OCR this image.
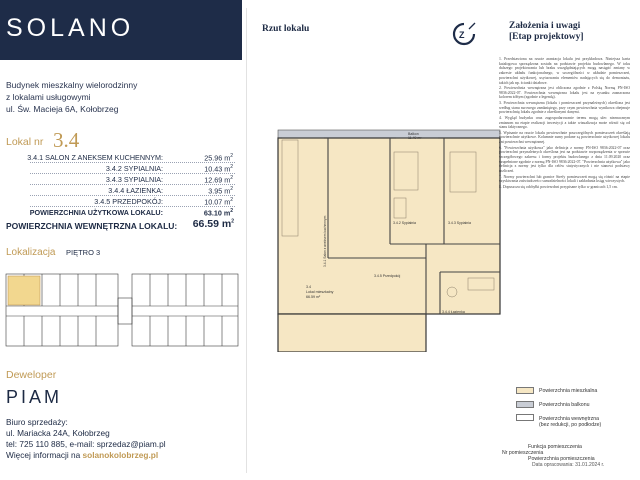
SOLANO
Budynek mieszkalny wielorodzinny
z lokalami usługowymi
ul. Św. Macieja 6A, Kołobrzeg
Lokal nr 3.4
3.4.1 SALON Z ANEKSEM KUCHENNYM:	25.96 $m^2$
3.4.2 SYPIALNIA:	10.43 $m^2$
3.4.3 SYPIALNIA:	12.69 $m^2$
3.4.4 ŁAZIENKA:	3.95 $m^2$
3.4.5 PRZEDPOKÓJ:	10.07 $m^2$
POWIERZCHNIA UŻYTKOWA LOKALU:	63.10 $m^2$
POWIERZCHNIA WEWNĘTRZNA LOKALU: 66.59 $m^2$
Lokalizacja PIĘTRO 3
Deweloper
PIAM
Biuro sprzedaży:
ul. Mariacka 24A, Kołobrzeg
tel: 725 110 885, e-mail: sprzedaz@piam.pl
Więcej informacji na solanokolobrzeg.pl
Rzut lokalu
Z
Balkon
11.49 m²
3.4.2 Sypialnia	3.4.3 Sypialnia
3.4
Lokal mieszkalny
66.59 m²
3.4.5 Przedpokój
3.4.4 Łazienka
3.4.1 Salon z aneksem kuchennym
Powierzchnia mieszkalna
Powierzchnia balkonu
Powierzchnia wewnętrzna
(bez redukcji, po podłodze)
Nr pomieszczenia
Funkcja pomieszczenia
Powierzchnia pomieszczenia
Założenia i uwagi
[Etap projektowy]

1. Przedstawiona na rzucie aranżacja lokalu jest przykładowa. Niniejsza karta katalogowa sporządzona została na podstawie projektu budowlanego. W toku dalszego projektowania lub braku uwzględniających mogą nastąpić zmiany w zakresie układu funkcjonalnego, w szczególności w układzie pomieszczeń, powierzchni użytkowej, usytuowaniu elementów nadających się do demontażu, takich jak np. ścianki działowe.

2. Powierzchnia wewnętrzna jest obliczona zgodnie z Polską Normą PN-ISO 9836:2022-07. Powierzchnia wewnętrzna lokalu jest na rysunku zaznaczona kolorem żółtym (zgodnie z legendą).

3. Powierzchnia wewnętrzna (lokalu i pomieszczeń przynależnych) określona jest według stanu surowego zamkniętego, przy czym powierzchnia wynikowa obejmuje powierzchnię lokalu zgodnie z określonymi danymi.

4. Wygląd budynku oraz zagospodarowanie terenu mogą ulec nieznacznym zmianom na etapie realizacji inwestycji a także wizualizacja może różnić się od stanu faktycznego.

5. Wpisanie na rzucie lokalu powierzchnie poszczególnych pomieszczeń określają powierzchnie użytkowe. Kolumnie sumy podane są powierzchnie użytkowej lokalu ani powierzchni wewnętrznej.

6. "Powierzchnia użytkowa" jako definicja z normy PN-ISO 9836:2022-07 oraz powierzchni przynależnych określona jest na podstawie rozporządzenia w sprawie szczegółowego zakresu i formy projektu budowlanego z dnia 11.09.2020 oraz uzupełnione zgodnie z normą PN-ISO 9836:2022-07. "Powierzchnia użytkowa" jako definicja z normy jest tylko dla celów statystycznych i nie stanowi podstawy rozliczeń.

7. Normy powierzchni lub granice Strefy pomieszczeń mogą się różnić na etapie uzyskiwania zaświadczeń o samodzielności lokali i zakładania ksiąg wieczystych.

8. Dopuszcza się odchyłki powierzchni przypisane tylko w granicach 1,5 cm.

Data opracowania: 31.01.2024 r.
